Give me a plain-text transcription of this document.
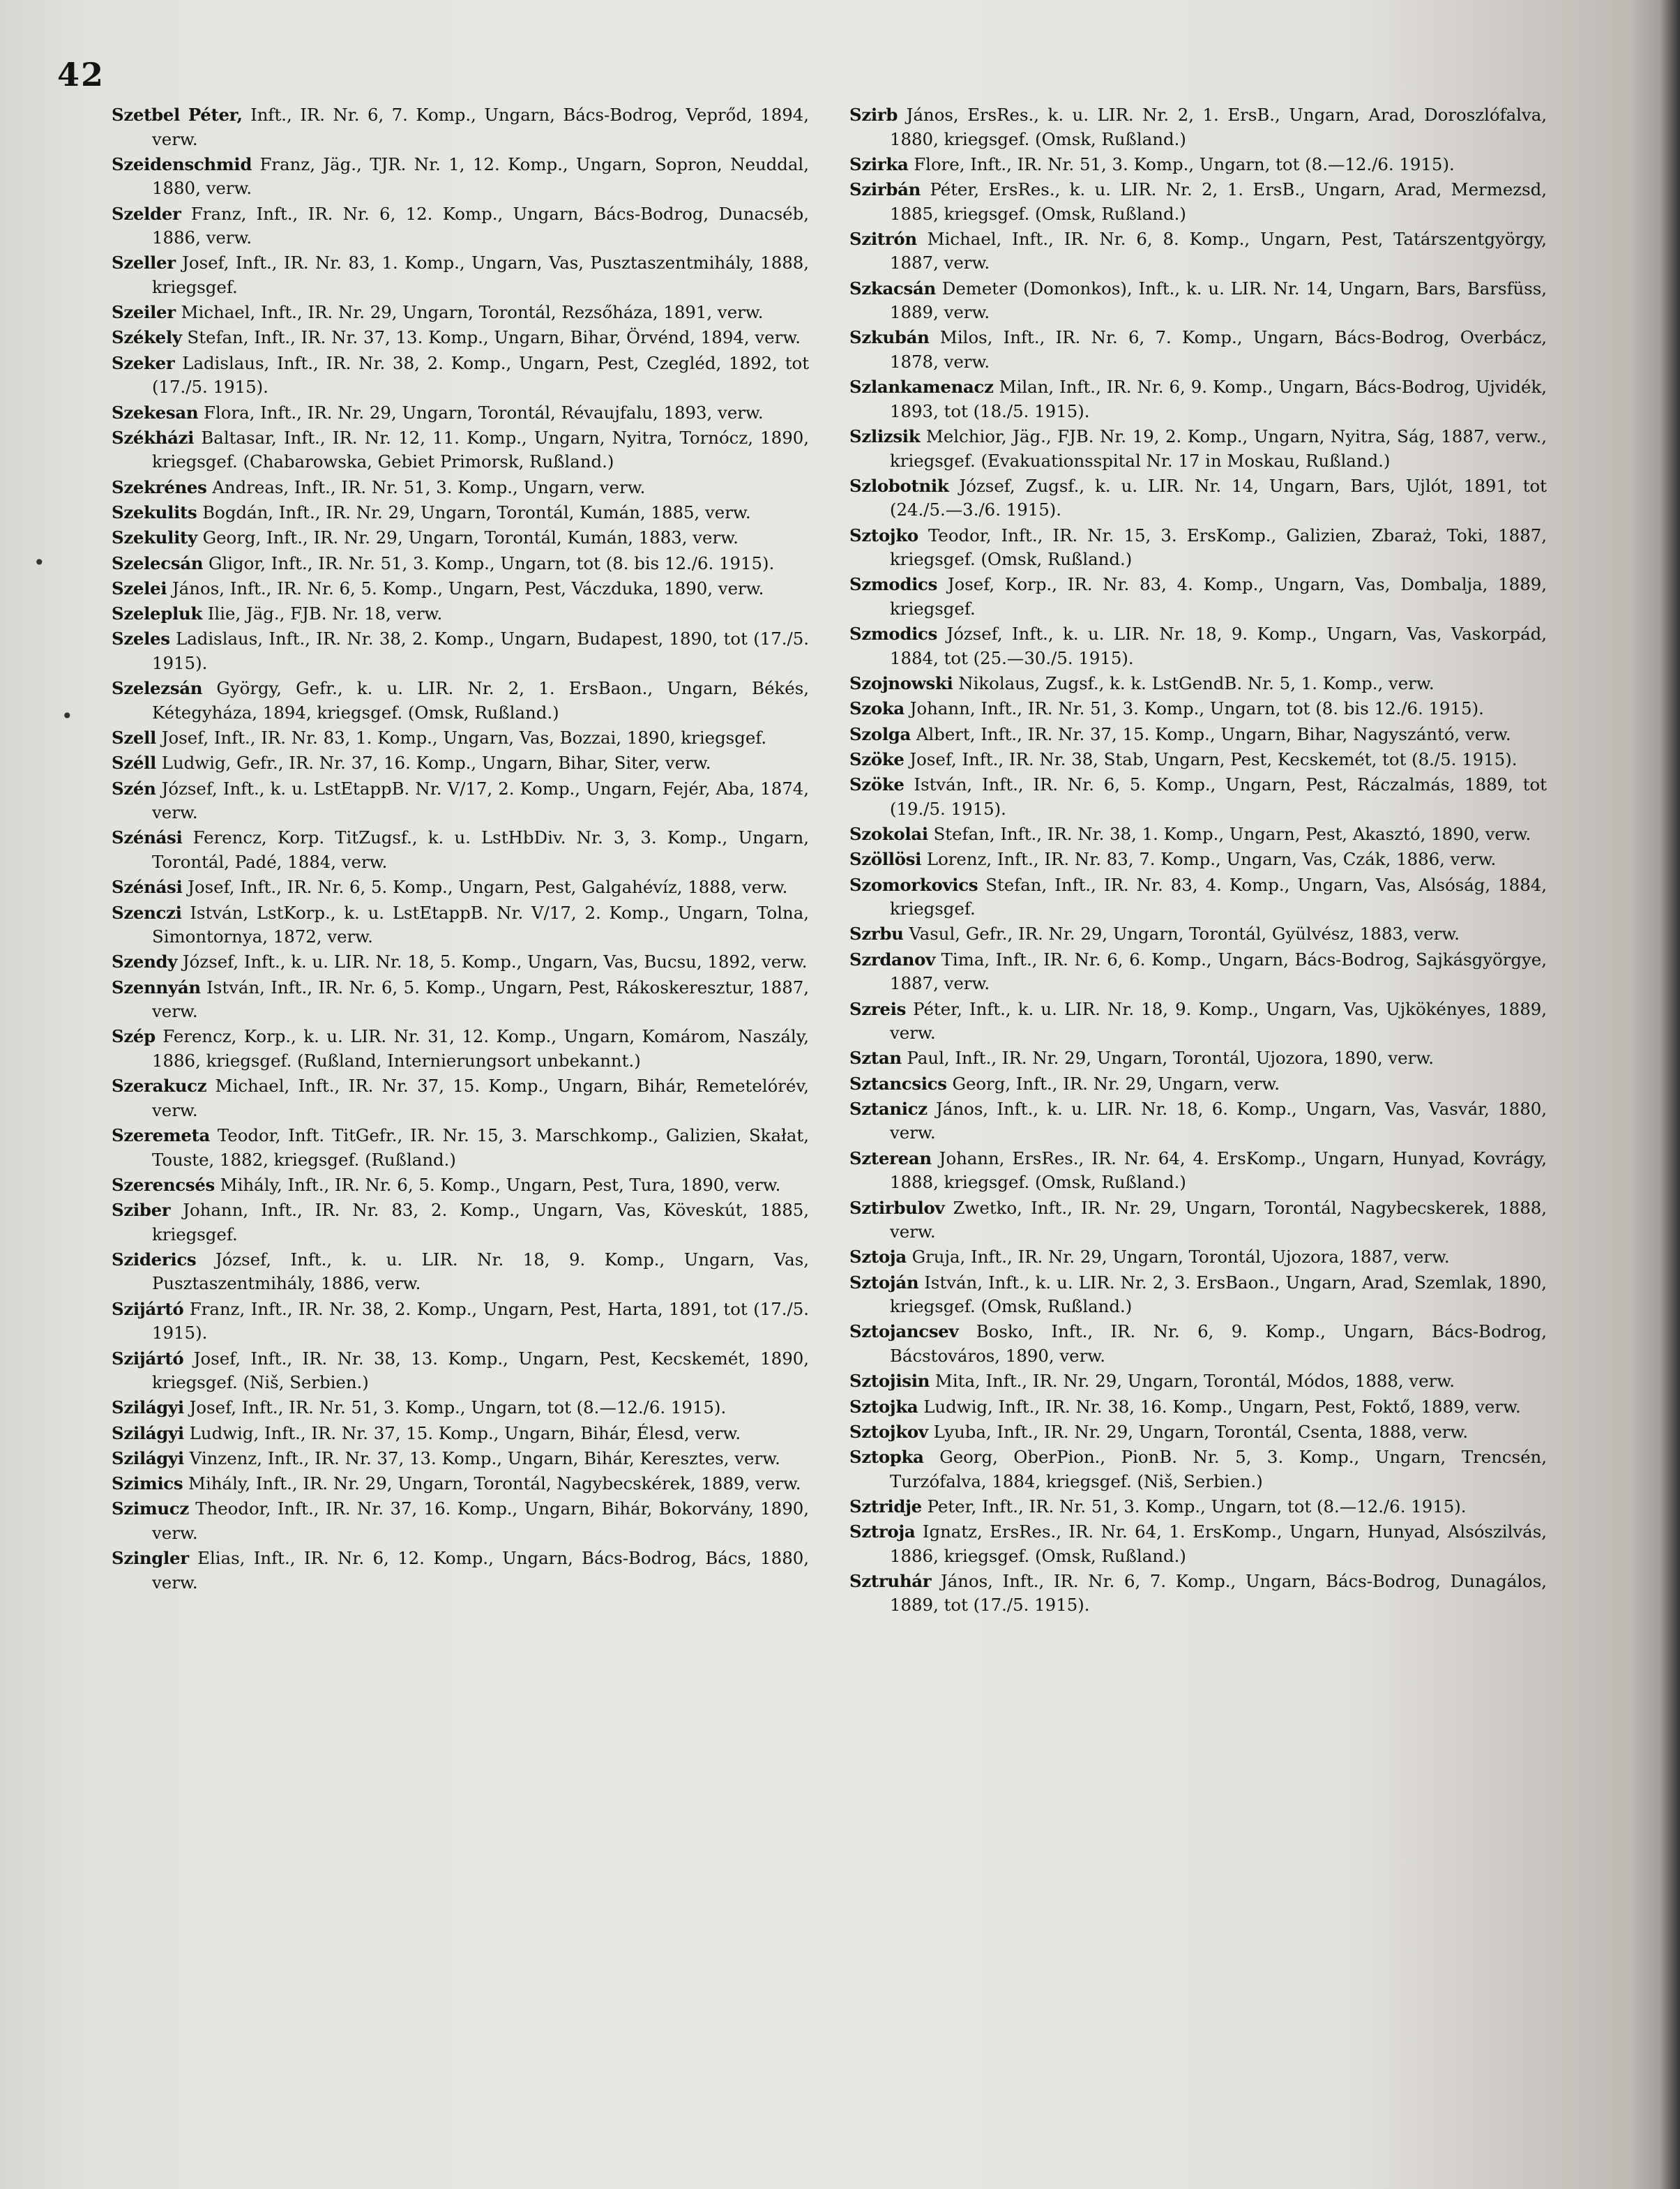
42

Szetbel Péter, Inft., IR. Nr. 6, 7. Komp., Ungarn, Bács-Bodrog, Veprőd, 1894, verw.

Szeidenschmid Franz, Jäg., TJR. Nr. 1, 12. Komp., Ungarn, Sopron, Neuddal, 1880, verw.

Szelder Franz, Inft., IR. Nr. 6, 12. Komp., Ungarn, Bács-Bodrog, Dunacséb, 1886, verw.

Szeller Josef, Inft., IR. Nr. 83, 1. Komp., Ungarn, Vas, Pusztaszentmihály, 1888, kriegsgef.

Szeiler Michael, Inft., IR. Nr. 29, Ungarn, Torontál, Rezsőháza, 1891, verw.

Székely Stefan, Inft., IR. Nr. 37, 13. Komp., Ungarn, Bihar, Örvénd, 1894, verw.

Szeker Ladislaus, Inft., IR. Nr. 38, 2. Komp., Ungarn, Pest, Czegléd, 1892, tot (17./5. 1915).

Szekesan Flora, Inft., IR. Nr. 29, Ungarn, Torontál, Révaujfalu, 1893, verw.

Székházi Baltasar, Inft., IR. Nr. 12, 11. Komp., Ungarn, Nyitra, Tornócz, 1890, kriegsgef. (Chabarowska, Gebiet Primorsk, Rußland.)

Szekrénes Andreas, Inft., IR. Nr. 51, 3. Komp., Ungarn, verw.

Szekulits Bogdán, Inft., IR. Nr. 29, Ungarn, Torontál, Kumán, 1885, verw.

Szekulity Georg, Inft., IR. Nr. 29, Ungarn, Torontál, Kumán, 1883, verw.

Szelecsán Gligor, Inft., IR. Nr. 51, 3. Komp., Ungarn, tot (8. bis 12./6. 1915).

Szelei János, Inft., IR. Nr. 6, 5. Komp., Ungarn, Pest, Váczduka, 1890, verw.

Szelepluk Ilie, Jäg., FJB. Nr. 18, verw.

Szeles Ladislaus, Inft., IR. Nr. 38, 2. Komp., Ungarn, Budapest, 1890, tot (17./5. 1915).

Szelezsán György, Gefr., k. u. LIR. Nr. 2, 1. ErsBaon., Ungarn, Békés, Kétegyháza, 1894, kriegsgef. (Omsk, Rußland.)

Szell Josef, Inft., IR. Nr. 83, 1. Komp., Ungarn, Vas, Bozzai, 1890, kriegsgef.

Széll Ludwig, Gefr., IR. Nr. 37, 16. Komp., Ungarn, Bihar, Siter, verw.

Szén József, Inft., k. u. LstEtappB. Nr. V/17, 2. Komp., Ungarn, Fejér, Aba, 1874, verw.

Szénási Ferencz, Korp. TitZugsf., k. u. LstHbDiv. Nr. 3, 3. Komp., Ungarn, Torontál, Padé, 1884, verw.

Szénási Josef, Inft., IR. Nr. 6, 5. Komp., Ungarn, Pest, Galgahévíz, 1888, verw.

Szenczi István, LstKorp., k. u. LstEtappB. Nr. V/17, 2. Komp., Ungarn, Tolna, Simontornya, 1872, verw.

Szendy József, Inft., k. u. LIR. Nr. 18, 5. Komp., Ungarn, Vas, Bucsu, 1892, verw.

Szennyán István, Inft., IR. Nr. 6, 5. Komp., Ungarn, Pest, Rákoskeresztur, 1887, verw.

Szép Ferencz, Korp., k. u. LIR. Nr. 31, 12. Komp., Ungarn, Komárom, Naszály, 1886, kriegsgef. (Rußland, Internierungsort unbekannt.)

Szerakucz Michael, Inft., IR. Nr. 37, 15. Komp., Ungarn, Bihár, Remetelórév, verw.

Szeremeta Teodor, Inft. TitGefr., IR. Nr. 15, 3. Marschkomp., Galizien, Skałat, Touste, 1882, kriegsgef. (Rußland.)

Szerencsés Mihály, Inft., IR. Nr. 6, 5. Komp., Ungarn, Pest, Tura, 1890, verw.

Sziber Johann, Inft., IR. Nr. 83, 2. Komp., Ungarn, Vas, Köveskút, 1885, kriegsgef.

Sziderics József, Inft., k. u. LIR. Nr. 18, 9. Komp., Ungarn, Vas, Pusztaszentmihály, 1886, verw.

Szijártó Franz, Inft., IR. Nr. 38, 2. Komp., Ungarn, Pest, Harta, 1891, tot (17./5. 1915).

Szijártó Josef, Inft., IR. Nr. 38, 13. Komp., Ungarn, Pest, Kecskemét, 1890, kriegsgef. (Niš, Serbien.)

Szilágyi Josef, Inft., IR. Nr. 51, 3. Komp., Ungarn, tot (8.—12./6. 1915).

Szilágyi Ludwig, Inft., IR. Nr. 37, 15. Komp., Ungarn, Bihár, Élesd, verw.

Szilágyi Vinzenz, Inft., IR. Nr. 37, 13. Komp., Ungarn, Bihár, Keresztes, verw.

Szimics Mihály, Inft., IR. Nr. 29, Ungarn, Torontál, Nagybecskérek, 1889, verw.

Szimucz Theodor, Inft., IR. Nr. 37, 16. Komp., Ungarn, Bihár, Bokorvány, 1890, verw.

Szingler Elias, Inft., IR. Nr. 6, 12. Komp., Ungarn, Bács-Bodrog, Bács, 1880, verw.

Szirb János, ErsRes., k. u. LIR. Nr. 2, 1. ErsB., Ungarn, Arad, Doroszlófalva, 1880, kriegsgef. (Omsk, Rußland.)

Szirka Flore, Inft., IR. Nr. 51, 3. Komp., Ungarn, tot (8.—12./6. 1915).

Szirbán Péter, ErsRes., k. u. LIR. Nr. 2, 1. ErsB., Ungarn, Arad, Mermezsd, 1885, kriegsgef. (Omsk, Rußland.)

Szitrón Michael, Inft., IR. Nr. 6, 8. Komp., Ungarn, Pest, Tatárszentgyörgy, 1887, verw.

Szkacsán Demeter (Domonkos), Inft., k. u. LIR. Nr. 14, Ungarn, Bars, Barsfüss, 1889, verw.

Szkubán Milos, Inft., IR. Nr. 6, 7. Komp., Ungarn, Bács-Bodrog, Overbácz, 1878, verw.

Szlankamenacz Milan, Inft., IR. Nr. 6, 9. Komp., Ungarn, Bács-Bodrog, Ujvidék, 1893, tot (18./5. 1915).

Szlizsik Melchior, Jäg., FJB. Nr. 19, 2. Komp., Ungarn, Nyitra, Ság, 1887, verw., kriegsgef. (Evakuationsspital Nr. 17 in Moskau, Rußland.)

Szlobotnik József, Zugsf., k. u. LIR. Nr. 14, Ungarn, Bars, Ujlót, 1891, tot (24./5.—3./6. 1915).

Sztojko Teodor, Inft., IR. Nr. 15, 3. ErsKomp., Galizien, Zbaraż, Toki, 1887, kriegsgef. (Omsk, Rußland.)

Szmodics Josef, Korp., IR. Nr. 83, 4. Komp., Ungarn, Vas, Dombalja, 1889, kriegsgef.

Szmodics József, Inft., k. u. LIR. Nr. 18, 9. Komp., Ungarn, Vas, Vaskorpád, 1884, tot (25.—30./5. 1915).

Szojnowski Nikolaus, Zugsf., k. k. LstGendB. Nr. 5, 1. Komp., verw.

Szoka Johann, Inft., IR. Nr. 51, 3. Komp., Ungarn, tot (8. bis 12./6. 1915).

Szolga Albert, Inft., IR. Nr. 37, 15. Komp., Ungarn, Bihar, Nagyszántó, verw.

Szöke Josef, Inft., IR. Nr. 38, Stab, Ungarn, Pest, Kecskemét, tot (8./5. 1915).

Szöke István, Inft., IR. Nr. 6, 5. Komp., Ungarn, Pest, Ráczalmás, 1889, tot (19./5. 1915).

Szokolai Stefan, Inft., IR. Nr. 38, 1. Komp., Ungarn, Pest, Akasztó, 1890, verw.

Szöllösi Lorenz, Inft., IR. Nr. 83, 7. Komp., Ungarn, Vas, Czák, 1886, verw.

Szomorkovics Stefan, Inft., IR. Nr. 83, 4. Komp., Ungarn, Vas, Alsóság, 1884, kriegsgef.

Szrbu Vasul, Gefr., IR. Nr. 29, Ungarn, Torontál, Gyülvész, 1883, verw.

Szrdanov Tima, Inft., IR. Nr. 6, 6. Komp., Ungarn, Bács-Bodrog, Sajkásgyörgye, 1887, verw.

Szreis Péter, Inft., k. u. LIR. Nr. 18, 9. Komp., Ungarn, Vas, Ujkökényes, 1889, verw.

Sztan Paul, Inft., IR. Nr. 29, Ungarn, Torontál, Ujozora, 1890, verw.

Sztancsics Georg, Inft., IR. Nr. 29, Ungarn, verw.

Sztanicz János, Inft., k. u. LIR. Nr. 18, 6. Komp., Ungarn, Vas, Vasvár, 1880, verw.

Szterean Johann, ErsRes., IR. Nr. 64, 4. ErsKomp., Ungarn, Hunyad, Kovrágy, 1888, kriegsgef. (Omsk, Rußland.)

Sztirbulov Zwetko, Inft., IR. Nr. 29, Ungarn, Torontál, Nagybecskerek, 1888, verw.

Sztoja Gruja, Inft., IR. Nr. 29, Ungarn, Torontál, Ujozora, 1887, verw.

Sztoján István, Inft., k. u. LIR. Nr. 2, 3. ErsBaon., Ungarn, Arad, Szemlak, 1890, kriegsgef. (Omsk, Rußland.)

Sztojancsev Bosko, Inft., IR. Nr. 6, 9. Komp., Ungarn, Bács-Bodrog, Bácstováros, 1890, verw.

Sztojisin Mita, Inft., IR. Nr. 29, Ungarn, Torontál, Módos, 1888, verw.

Sztojka Ludwig, Inft., IR. Nr. 38, 16. Komp., Ungarn, Pest, Foktő, 1889, verw.

Sztojkov Lyuba, Inft., IR. Nr. 29, Ungarn, Torontál, Csenta, 1888, verw.

Sztopka Georg, OberPion., PionB. Nr. 5, 3. Komp., Ungarn, Trencsén, Turzófalva, 1884, kriegsgef. (Niš, Serbien.)

Sztridje Peter, Inft., IR. Nr. 51, 3. Komp., Ungarn, tot (8.—12./6. 1915).

Sztroja Ignatz, ErsRes., IR. Nr. 64, 1. ErsKomp., Ungarn, Hunyad, Alsószilvás, 1886, kriegsgef. (Omsk, Rußland.)

Sztruhár János, Inft., IR. Nr. 6, 7. Komp., Ungarn, Bács-Bodrog, Dunagálos, 1889, tot (17./5. 1915).

•
•
